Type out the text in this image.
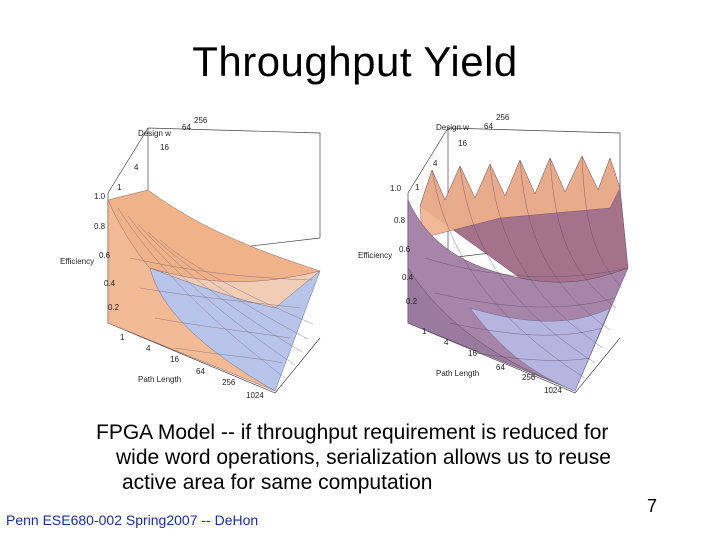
Throughput Yield
1.0
0.8
0.6
0.4
0.2
Efficiency
1
4
16
64
256
Design w
1
4
16
64
256
1024
Path Length
1.0
0.8
0.6
0.4
0.2
Efficiency
1
4
16
64
256
Design w
1
4
16
64
256
1024
Path Length
FPGA Model -- if throughput requirement is reduced for
wide word operations, serialization allows us to reuse
active area for same computation
7
Penn ESE680-002 Spring2007 -- DeHon
